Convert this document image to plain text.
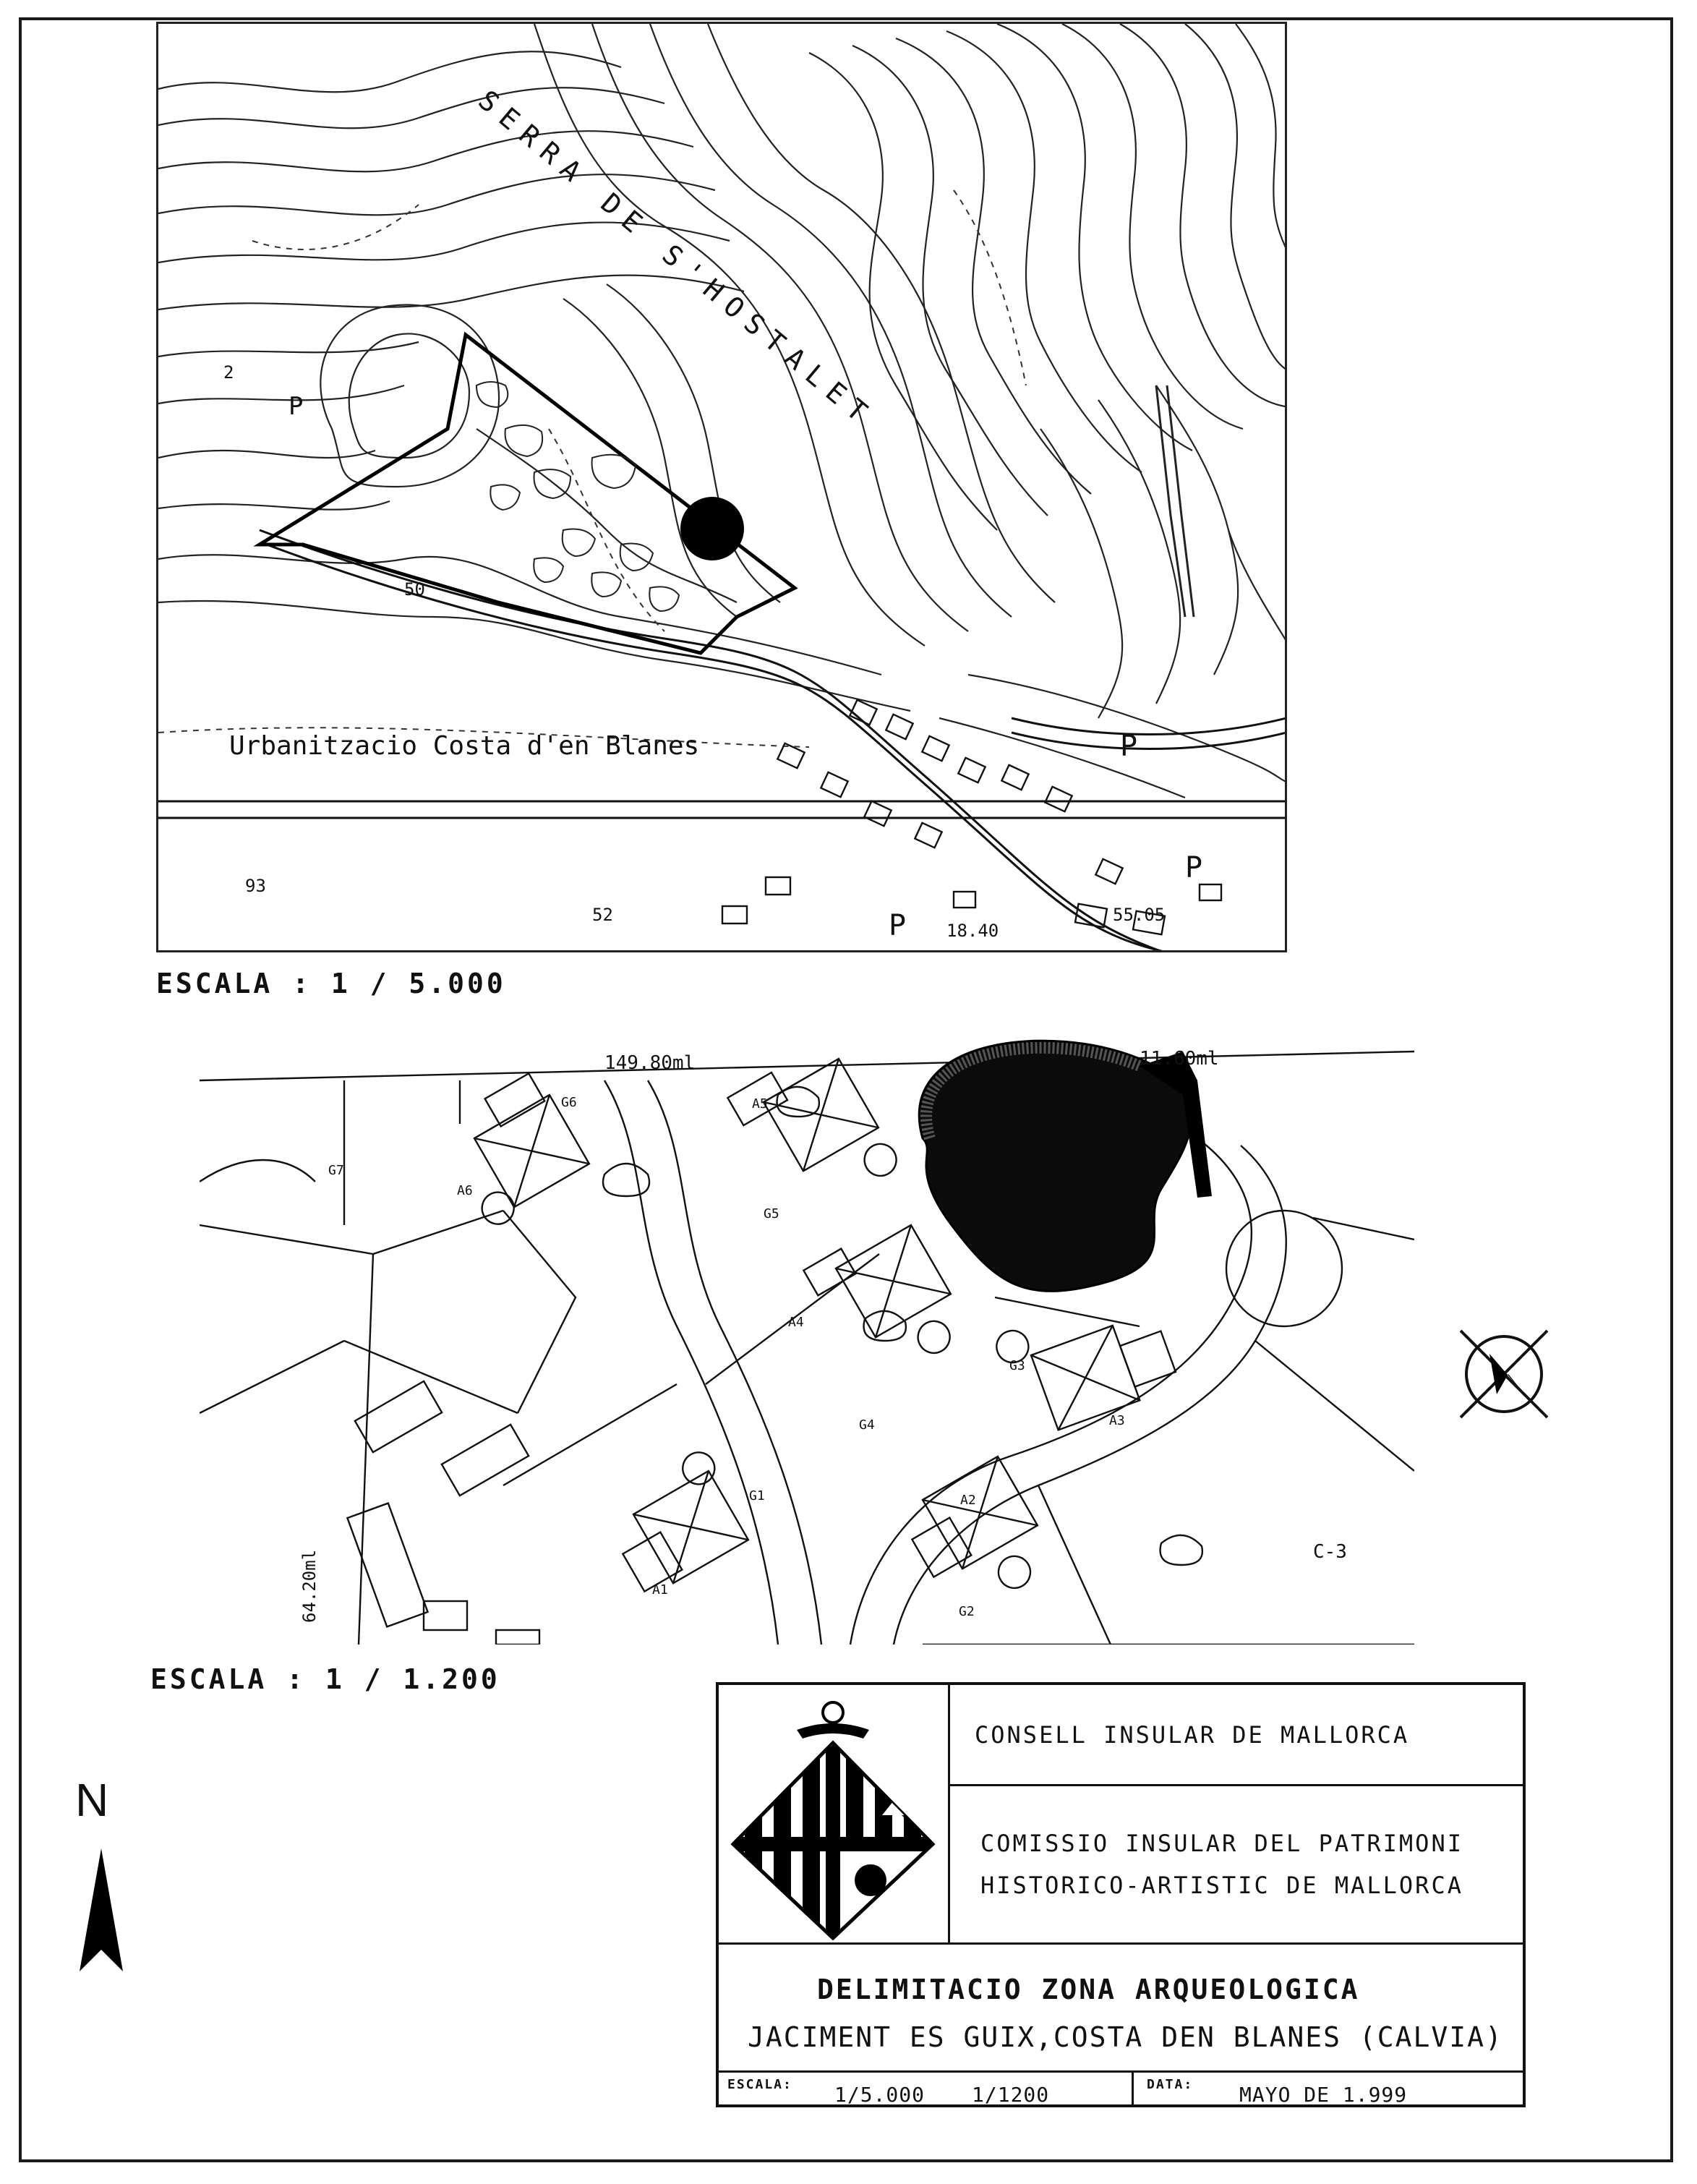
SERRA DE S'HOSTALET
Urbanitzacio Costa d'en Blanes
93
52
18.40
55.05
50
2
P
P
P
P
ESCALA : 1 / 5.000
149.80ml	11.60ml
64.20ml	C-3
A6
A5
A4
A3
A2
A1
G1
G2
G3
G4
G5
G6
G7
ESCALA : 1 / 1.200
N
CONSELL INSULAR DE MALLORCA
COMISSIO INSULAR DEL PATRIMONI
HISTORICO-ARTISTIC DE MALLORCA
DELIMITACIO ZONA ARQUEOLOGICA
JACIMENT ES GUIX,COSTA DEN BLANES (CALVIA)
ESCALA: 1/5.000 1/1200	DATA: MAYO DE 1.999
